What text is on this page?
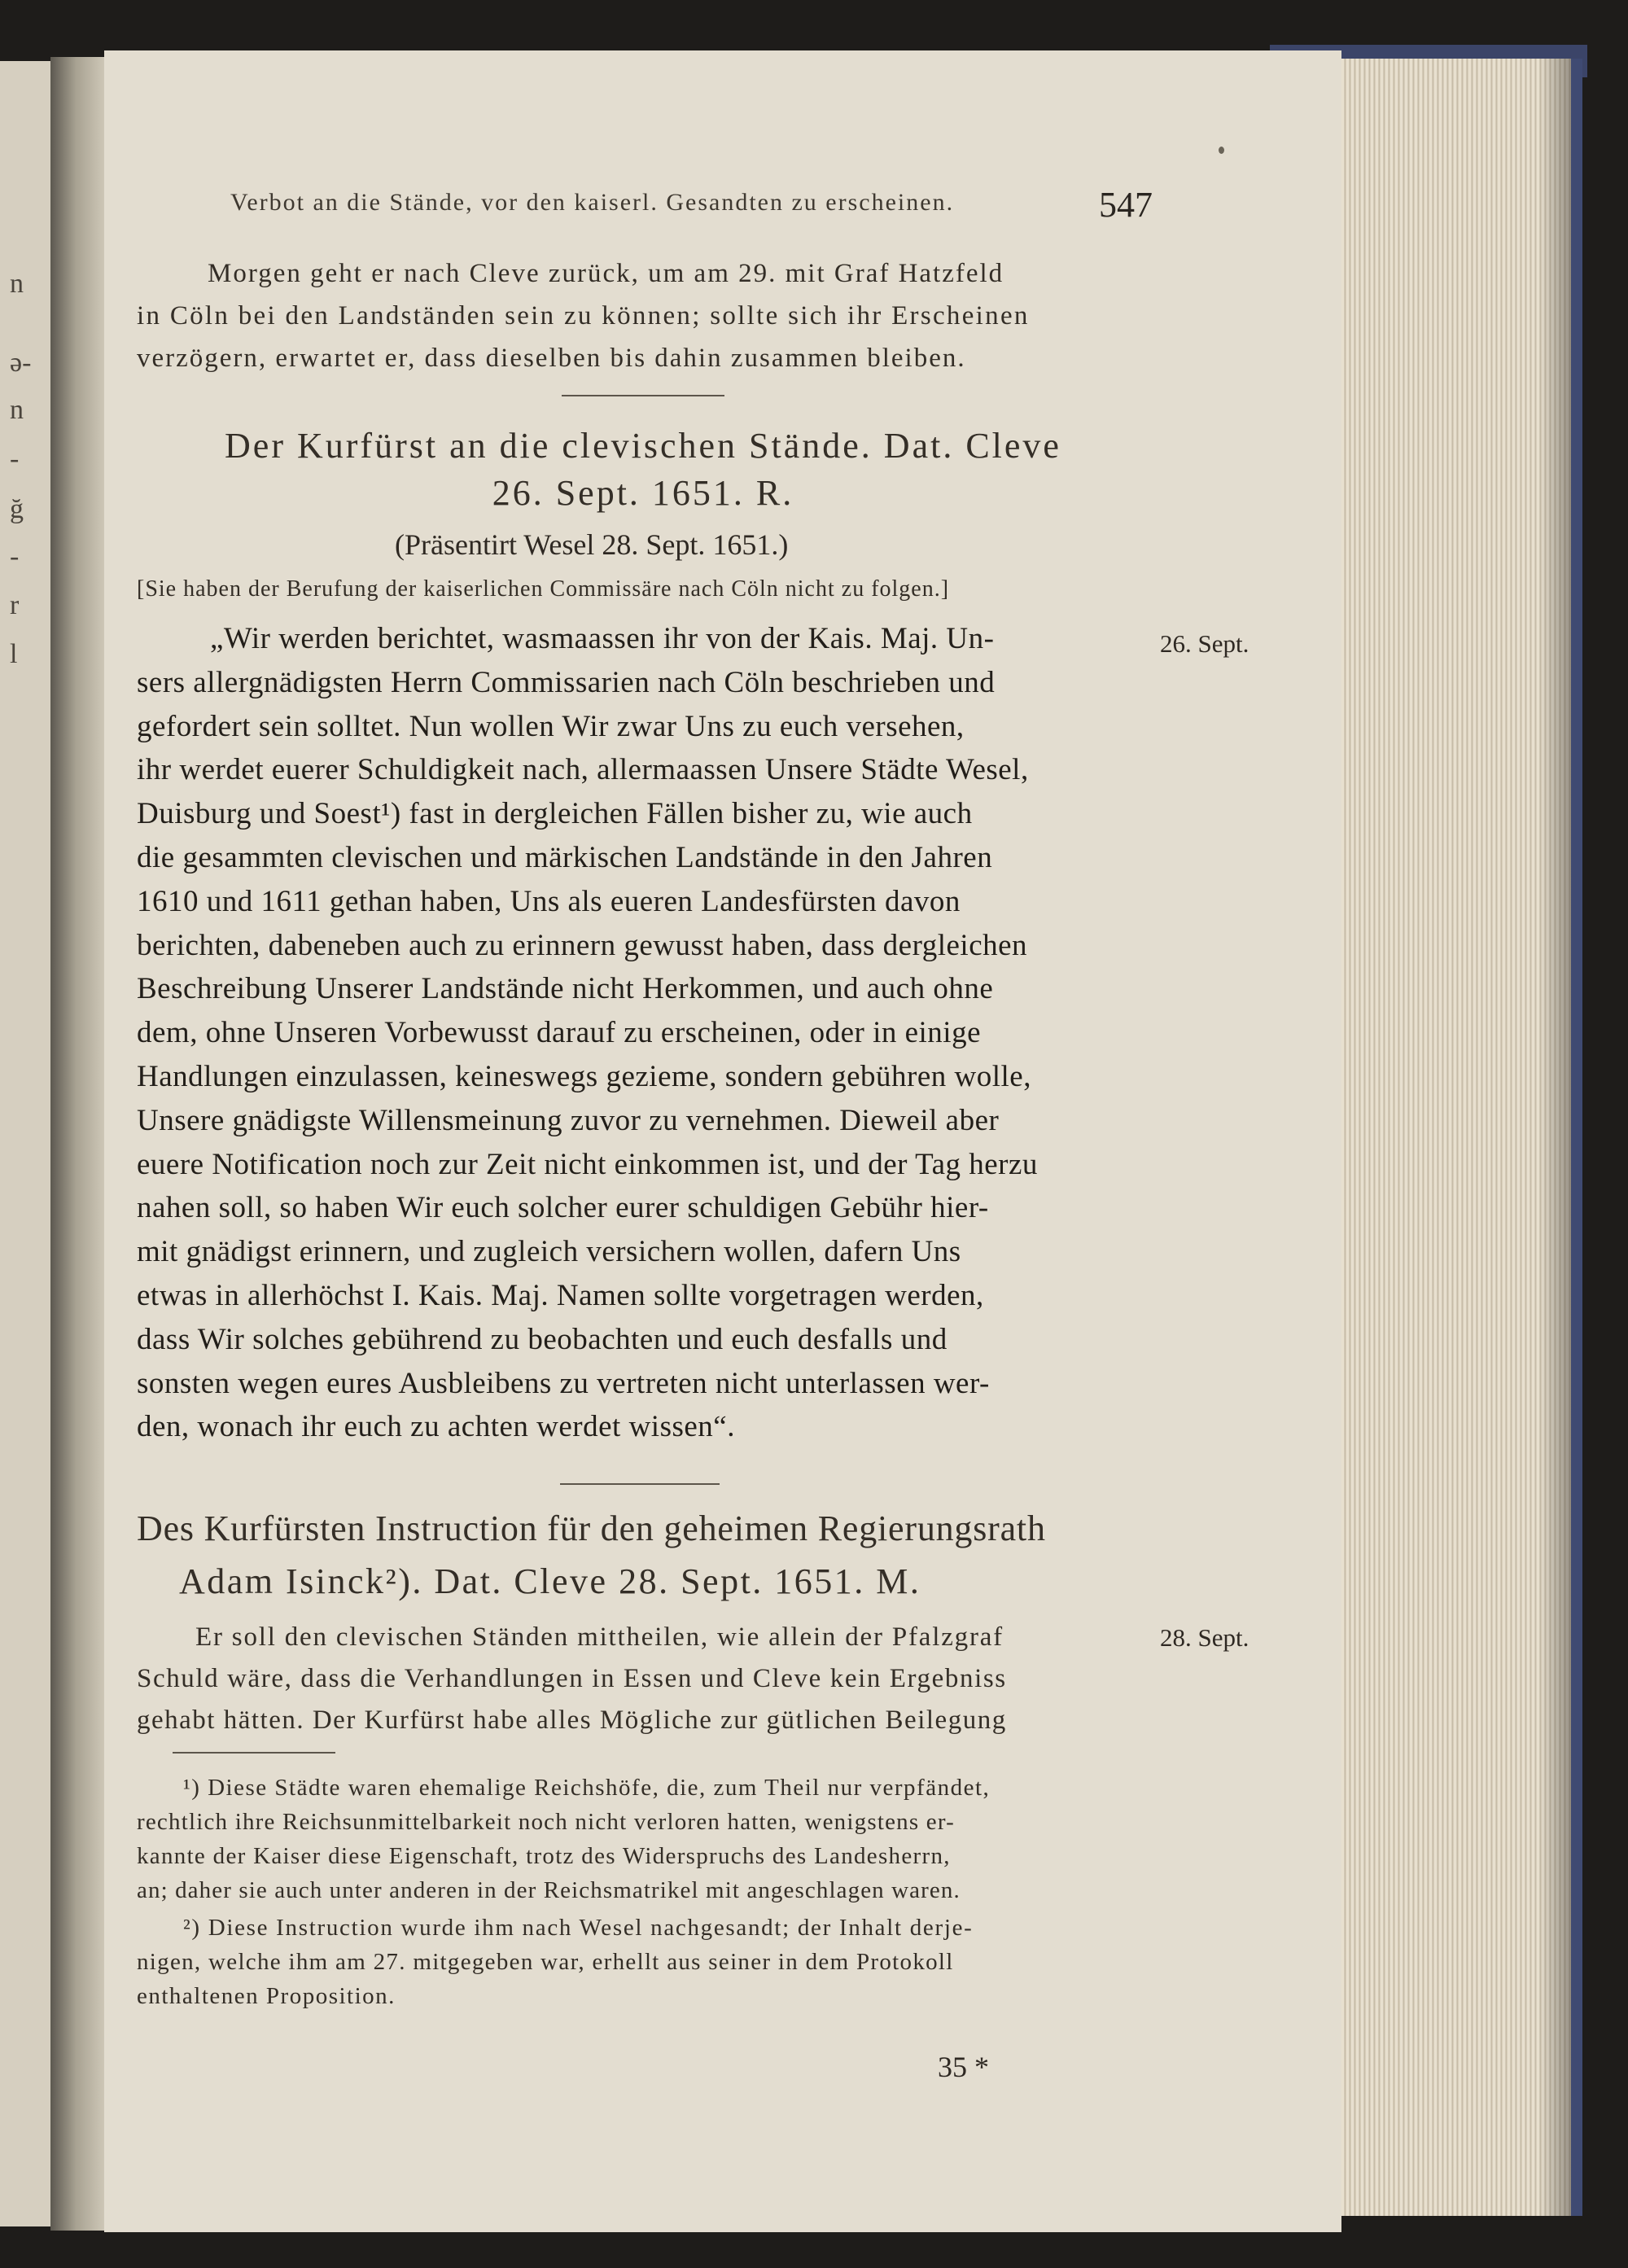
n
ə-
n
-
ğ
-
r
l
Verbot an die Stände, vor den kaiserl. Gesandten zu erscheinen.	547
Morgen geht er nach Cleve zurück, um am 29. mit Graf Hatzfeld
in Cöln bei den Landständen sein zu können; sollte sich ihr Erscheinen
verzögern, erwartet er, dass dieselben bis dahin zusammen bleiben.
Der Kurfürst an die clevischen Stände. Dat. Cleve
26. Sept. 1651. R.
(Präsentirt Wesel 28. Sept. 1651.)
[Sie haben der Berufung der kaiserlichen Commissäre nach Cöln nicht zu folgen.]
26. Sept.
„Wir werden berichtet, wasmaassen ihr von der Kais. Maj. Un-
sers allergnädigsten Herrn Commissarien nach Cöln beschrieben und
gefordert sein solltet. Nun wollen Wir zwar Uns zu euch versehen,
ihr werdet euerer Schuldigkeit nach, allermaassen Unsere Städte Wesel,
Duisburg und Soest¹) fast in dergleichen Fällen bisher zu, wie auch
die gesammten clevischen und märkischen Landstände in den Jahren
1610 und 1611 gethan haben, Uns als eueren Landesfürsten davon
berichten, dabeneben auch zu erinnern gewusst haben, dass dergleichen
Beschreibung Unserer Landstände nicht Herkommen, und auch ohne
dem, ohne Unseren Vorbewusst darauf zu erscheinen, oder in einige
Handlungen einzulassen, keineswegs gezieme, sondern gebühren wolle,
Unsere gnädigste Willensmeinung zuvor zu vernehmen. Dieweil aber
euere Notification noch zur Zeit nicht einkommen ist, und der Tag herzu
nahen soll, so haben Wir euch solcher eurer schuldigen Gebühr hier-
mit gnädigst erinnern, und zugleich versichern wollen, dafern Uns
etwas in allerhöchst I. Kais. Maj. Namen sollte vorgetragen werden,
dass Wir solches gebührend zu beobachten und euch desfalls und
sonsten wegen eures Ausbleibens zu vertreten nicht unterlassen wer-
den, wonach ihr euch zu achten werdet wissen“.
Des Kurfürsten Instruction für den geheimen Regierungsrath
Adam Isinck²). Dat. Cleve 28. Sept. 1651. M.
28. Sept.
Er soll den clevischen Ständen mittheilen, wie allein der Pfalzgraf
Schuld wäre, dass die Verhandlungen in Essen und Cleve kein Ergebniss
gehabt hätten. Der Kurfürst habe alles Mögliche zur gütlichen Beilegung
¹) Diese Städte waren ehemalige Reichshöfe, die, zum Theil nur verpfändet,
rechtlich ihre Reichsunmittelbarkeit noch nicht verloren hatten, wenigstens er-
kannte der Kaiser diese Eigenschaft, trotz des Widerspruchs des Landesherrn,
an; daher sie auch unter anderen in der Reichsmatrikel mit angeschlagen waren.
²) Diese Instruction wurde ihm nach Wesel nachgesandt; der Inhalt derje-
nigen, welche ihm am 27. mitgegeben war, erhellt aus seiner in dem Protokoll
enthaltenen Proposition.
35 *
